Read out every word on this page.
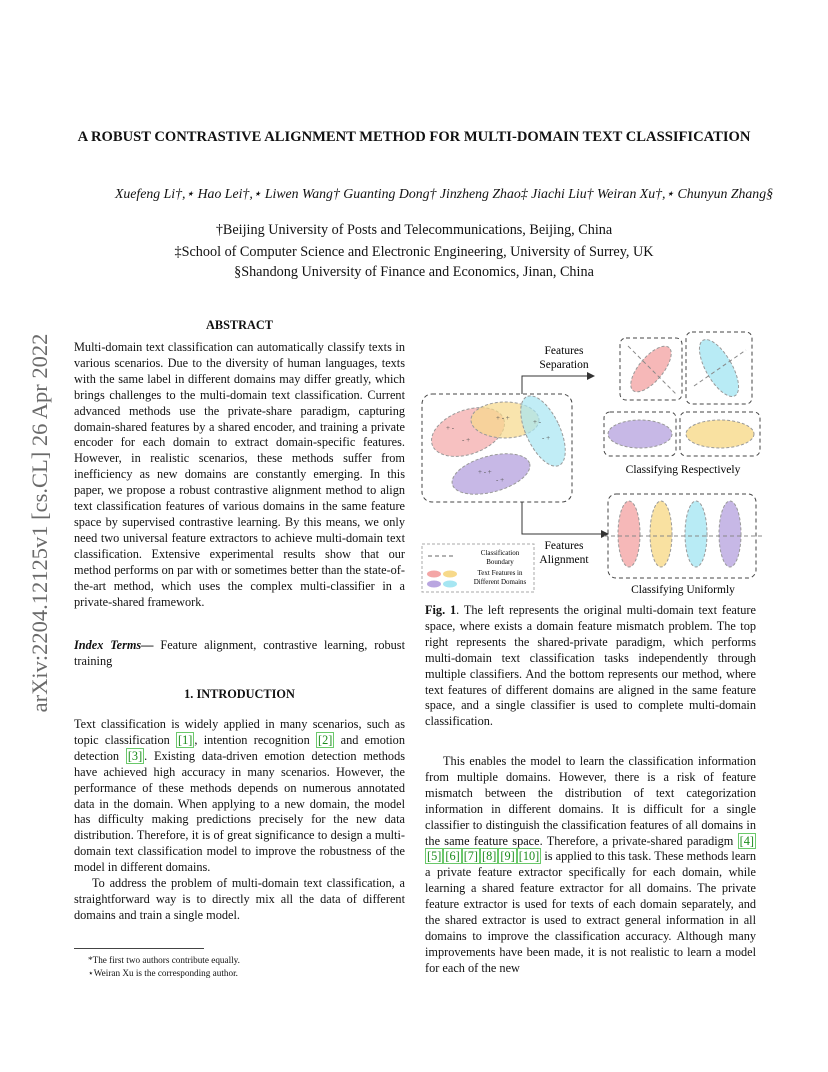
arXiv:2204.12125v1 [cs.CL] 26 Apr 2022
A ROBUST CONTRASTIVE ALIGNMENT METHOD FOR MULTI-DOMAIN TEXT CLASSIFICATION
Xuefeng Li†,⋆ Hao Lei†,⋆ Liwen Wang† Guanting Dong† Jinzheng Zhao‡ Jiachi Liu† Weiran Xu†,⋆ Chunyun Zhang§
†Beijing University of Posts and Telecommunications, Beijing, China
‡School of Computer Science and Electronic Engineering, University of Surrey, UK
§Shandong University of Finance and Economics, Jinan, China
ABSTRACT
Multi-domain text classification can automatically classify texts in various scenarios. Due to the diversity of human languages, texts with the same label in different domains may differ greatly, which brings challenges to the multi-domain text classification. Current advanced methods use the private-share paradigm, capturing domain-shared features by a shared encoder, and training a private encoder for each domain to extract domain-specific features. However, in realistic scenarios, these methods suffer from inefficiency as new domains are constantly emerging. In this paper, we propose a robust contrastive alignment method to align text classification features of various domains in the same feature space by supervised contrastive learning. By this means, we only need two universal feature extractors to achieve multi-domain text classification. Extensive experimental results show that our method performs on par with or sometimes better than the state-of-the-art method, which uses the complex multi-classifier in a private-shared framework.
Index Terms— Feature alignment, contrastive learning, robust training
1. INTRODUCTION

Text classification is widely applied in many scenarios, such as topic classification [1] , intention recognition [2] and emotion detection [3] . Existing data-driven emotion detection methods have achieved high accuracy in many scenarios. However, the performance of these methods depends on numerous annotated data in the domain. When applying to a new domain, the model has difficulty making predictions precisely for the new data distribution. Therefore, it is of great significance to design a multi-domain text classification model to improve the robustness of the model in different domains.

To address the problem of multi-domain text classification, a straightforward way is to directly mix all the data of different domains and train a single model.

*The first two authors contribute equally.
⋆Weiran Xu is the corresponding author.
+ -
- +
+ - +	+ -
- +
+ - +
- +
Features
Separation
Features
Alignment
Classifying Respectively
Classifying Uniformly
Classification
Boundary
Text Features in
Different Domains
Fig. 1. The left represents the original multi-domain text feature space, where exists a domain feature mismatch problem. The top right represents the shared-private paradigm, which performs multi-domain text classification tasks independently through multiple classifiers. And the bottom represents our method, where text features of different domains are aligned in the same feature space, and a single classifier is used to complete multi-domain classification.

This enables the model to learn the classification information from multiple domains. However, there is a risk of feature mismatch between the distribution of text categorization information in different domains. It is difficult for a single classifier to distinguish the classification features of all domains in the same feature space. Therefore, a private-shared paradigm [4][5] [6] [7] [8] [9] [10] is applied to this task. These methods learn a private feature extractor specifically for each domain, while learning a shared feature extractor for all domains. The private feature extractor is used for texts of each domain separately, and the shared extractor is used to extract general information in all domains to improve the classification accuracy. Although many improvements have been made, it is not realistic to learn a model for each of the new
